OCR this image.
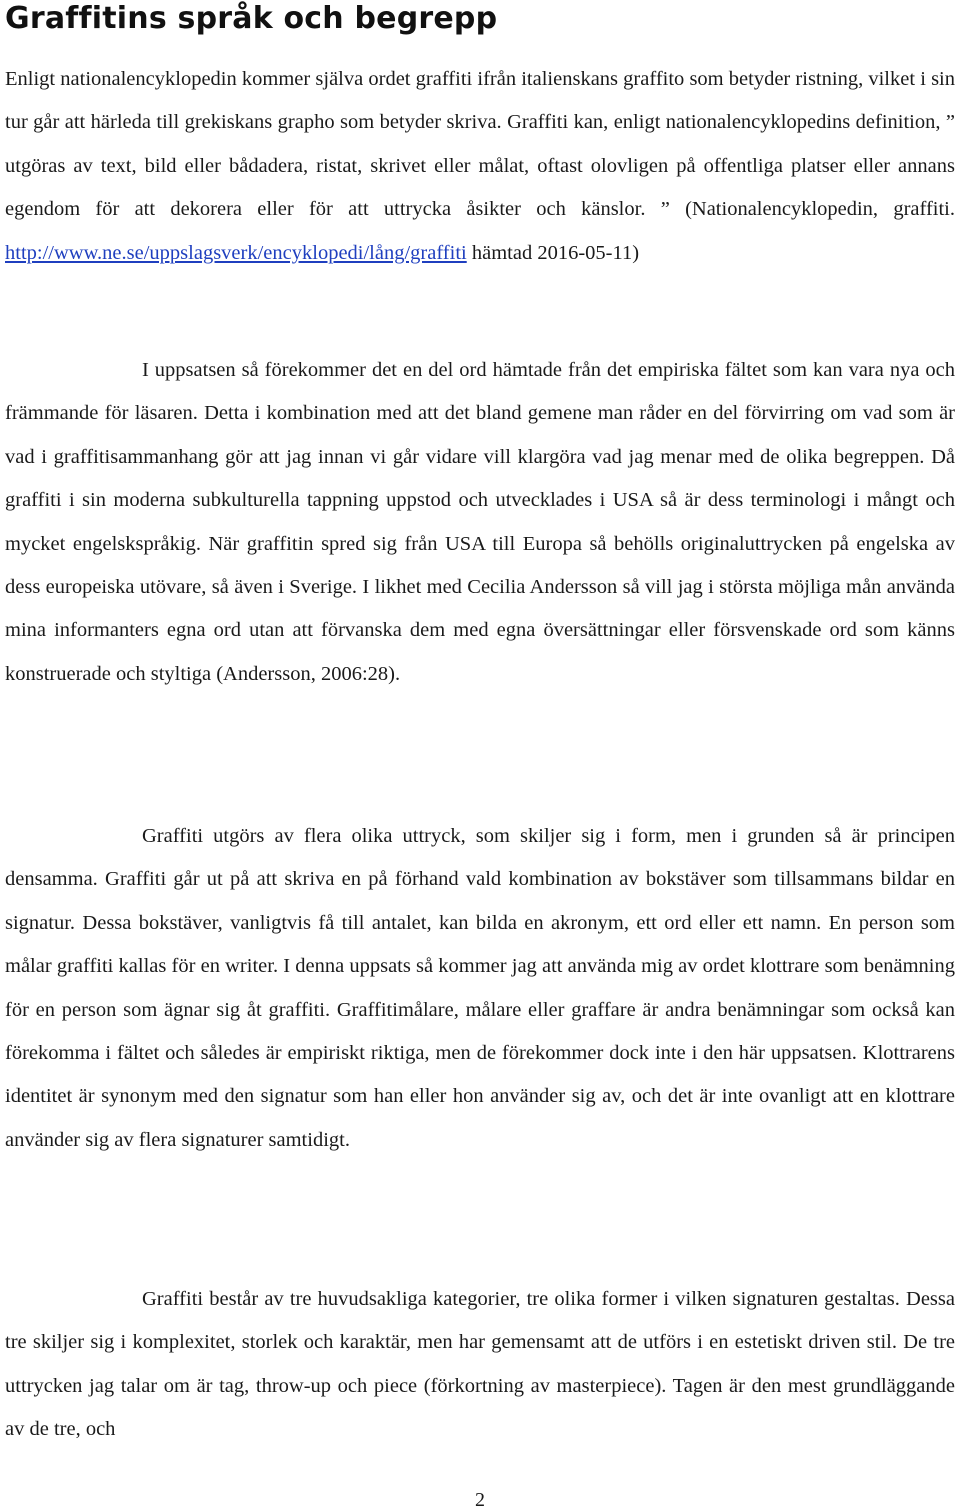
Graffitins språk och begrepp

Enligt nationalencyklopedin kommer själva ordet graffiti ifrån italienskans graffito som betyder ristning, vilket i sin tur går att härleda till grekiskans grapho som betyder skriva. Graffiti kan, enligt nationalencyklopedins definition, ” utgöras av text, bild eller bådadera, ristat, skrivet eller målat, oftast olovligen på offentliga platser eller annans egendom för att dekorera eller för att uttrycka åsikter och känslor. ” (Nationalencyklopedin, graffiti. http://www.ne.se/uppslagsverk/encyklopedi/lång/graffiti hämtad 2016-05-11)

I uppsatsen så förekommer det en del ord hämtade från det empiriska fältet som kan vara nya och främmande för läsaren. Detta i kombination med att det bland gemene man råder en del förvirring om vad som är vad i graffitisammanhang gör att jag innan vi går vidare vill klargöra vad jag menar med de olika begreppen. Då graffiti i sin moderna subkulturella tappning uppstod och utvecklades i USA så är dess terminologi i mångt och mycket engelskspråkig. När graffitin spred sig från USA till Europa så behölls originaluttrycken på engelska av dess europeiska utövare, så även i Sverige. I likhet med Cecilia Andersson så vill jag i största möjliga mån använda mina informanters egna ord utan att förvanska dem med egna översättningar eller försvenskade ord som känns konstruerade och styltiga (Andersson, 2006:28).

Graffiti utgörs av flera olika uttryck, som skiljer sig i form, men i grunden så är principen densamma. Graffiti går ut på att skriva en på förhand vald kombination av bokstäver som tillsammans bildar en signatur. Dessa bokstäver, vanligtvis få till antalet, kan bilda en akronym, ett ord eller ett namn. En person som målar graffiti kallas för en writer. I denna uppsats så kommer jag att använda mig av ordet klottrare som benämning för en person som ägnar sig åt graffiti. Graffitimålare, målare eller graffare är andra benämningar som också kan förekomma i fältet och således är empiriskt riktiga, men de förekommer dock inte i den här uppsatsen. Klottrarens identitet är synonym med den signatur som han eller hon använder sig av, och det är inte ovanligt att en klottrare använder sig av flera signaturer samtidigt.

Graffiti består av tre huvudsakliga kategorier, tre olika former i vilken signaturen gestaltas. Dessa tre skiljer sig i komplexitet, storlek och karaktär, men har gemensamt att de utförs i en estetiskt driven stil. De tre uttrycken jag talar om är tag, throw-up och piece (förkortning av masterpiece). Tagen är den mest grundläggande av de tre, och

2
